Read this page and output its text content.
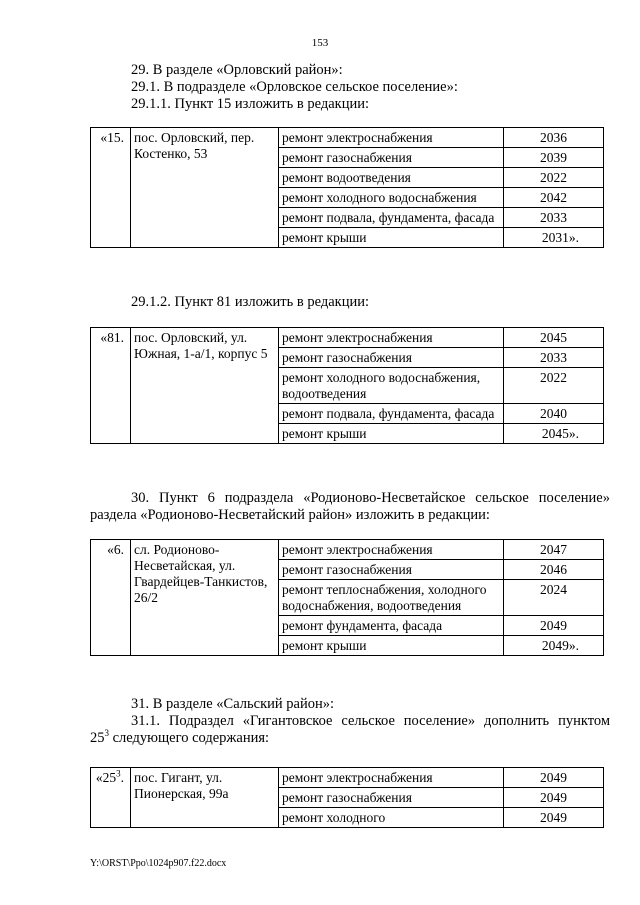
153
29. В разделе «Орловский район»:
29.1. В подразделе «Орловское сельское поселение»:
29.1.1. Пункт 15 изложить в редакции:
«15.	пос. Орловский, пер. Костенко, 53	ремонт электроснабжения	2036
		ремонт газоснабжения	2039
		ремонт водоотведения	2022
		ремонт холодного водоснабжения	2042
		ремонт подвала, фундамента, фасада	2033
		ремонт крыши	2031».
29.1.2. Пункт 81 изложить в редакции:
«81.	пос. Орловский, ул. Южная, 1-а/1, корпус 5	ремонт электроснабжения	2045
		ремонт газоснабжения	2033
		ремонт холодного водоснабжения, водоотведения	2022
		ремонт подвала, фундамента, фасада	2040
		ремонт крыши	2045».
30. Пункт 6 подраздела «Родионово-Несветайское сельское поселение»
раздела «Родионово-Несветайский район» изложить в редакции:
«6.	сл. Родионово-Несветайская, ул. Гвардейцев-Танкистов, 26/2	ремонт электроснабжения	2047
		ремонт газоснабжения	2046
		ремонт теплоснабжения, холодного водоснабжения, водоотведения	2024
		ремонт фундамента, фасада	2049
		ремонт крыши	2049».
31. В разделе «Сальский район»:
31.1. Подраздел «Гигантовское сельское поселение» дополнить пунктом
$25^3$ следующего содержания:
«$25^3$.	пос. Гигант, ул. Пионерская, 99а	ремонт электроснабжения	2049
		ремонт газоснабжения	2049
		ремонт холодного	2049
Y:\ORST\Ppo\1024p907.f22.docx
